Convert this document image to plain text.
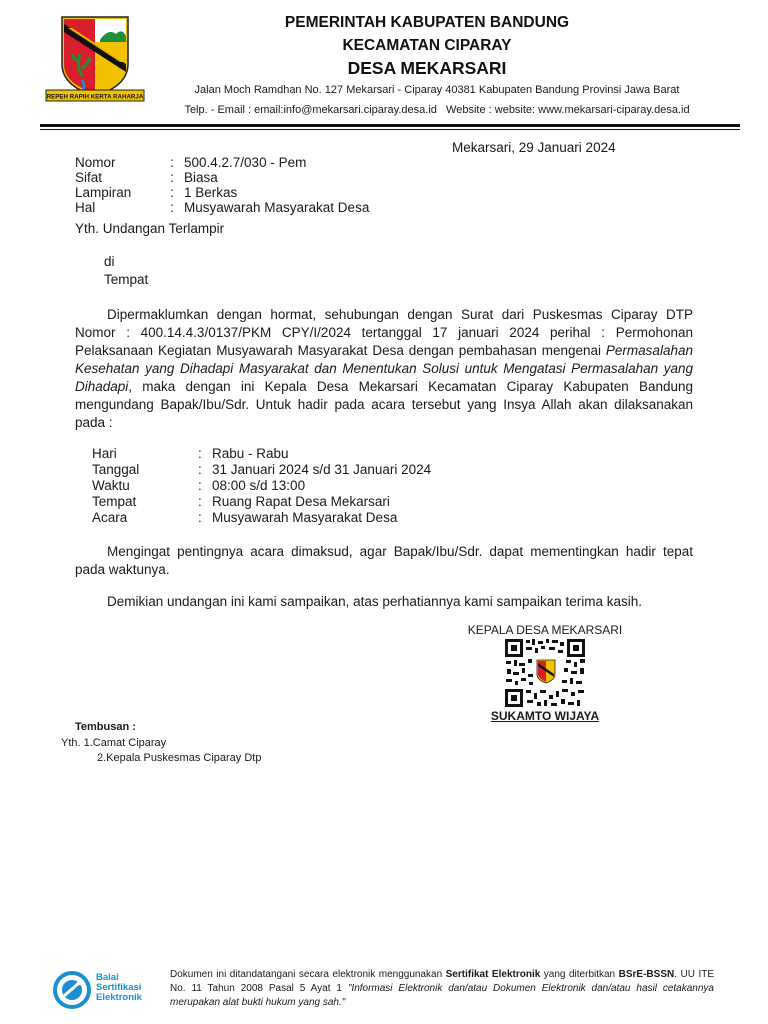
REPEH RAPIH KERTA RAHARJA
PEMERINTAH KABUPATEN BANDUNG
KECAMATAN CIPARAY
DESA MEKARSARI
Jalan Moch Ramdhan No. 127 Mekarsari - Ciparay 40381 Kabupaten Bandung Provinsi Jawa Barat
Telp. - Email : email:info@mekarsari.ciparay.desa.id   Website : website: www.mekarsari-ciparay.desa.id
Mekarsari, 29 Januari 2024
Nomor	: 500.4.2.7/030 - Pem
Sifat	: Biasa
Lampiran	: 1 Berkas
Hal	: Musyawarah Masyarakat Desa
Yth. Undangan Terlampir
di
Tempat
Dipermaklumkan dengan hormat, sehubungan dengan Surat dari Puskesmas Ciparay DTP Nomor : 400.14.4.3/0137/PKM CPY/I/2024 tertanggal 17 januari 2024 perihal : Permohonan Pelaksanaan Kegiatan Musyawarah Masyarakat Desa dengan pembahasan mengenai Permasalahan Kesehatan yang Dihadapi Masyarakat dan Menentukan Solusi untuk Mengatasi Permasalahan yang Dihadapi, maka dengan ini Kepala Desa Mekarsari Kecamatan Ciparay Kabupaten Bandung mengundang Bapak/Ibu/Sdr. Untuk hadir pada acara tersebut yang Insya Allah akan dilaksanakan pada :
Hari	: Rabu - Rabu
Tanggal	: 31 Januari 2024 s/d 31 Januari 2024
Waktu	: 08:00 s/d 13:00
Tempat	: Ruang Rapat Desa Mekarsari
Acara	: Musyawarah Masyarakat Desa
Mengingat pentingnya acara dimaksud, agar Bapak/Ibu/Sdr. dapat mementingkan hadir tepat pada waktunya.
Demikian undangan ini kami sampaikan, atas perhatiannya kami sampaikan terima kasih.
KEPALA DESA MEKARSARI
SUKAMTO WIJAYA
Tembusan :
Yth. 1.Camat Ciparay
2.Kepala Puskesmas Ciparay Dtp
Balai
Sertifikasi
Elektronik
Dokumen ini ditandatangani secara elektronik menggunakan Sertifikat Elektronik yang diterbitkan BSrE-BSSN. UU ITE No. 11 Tahun 2008 Pasal 5 Ayat 1 "Informasi Elektronik dan/atau Dokumen Elektronik dan/atau hasil cetakannya merupakan alat bukti hukum yang sah."
